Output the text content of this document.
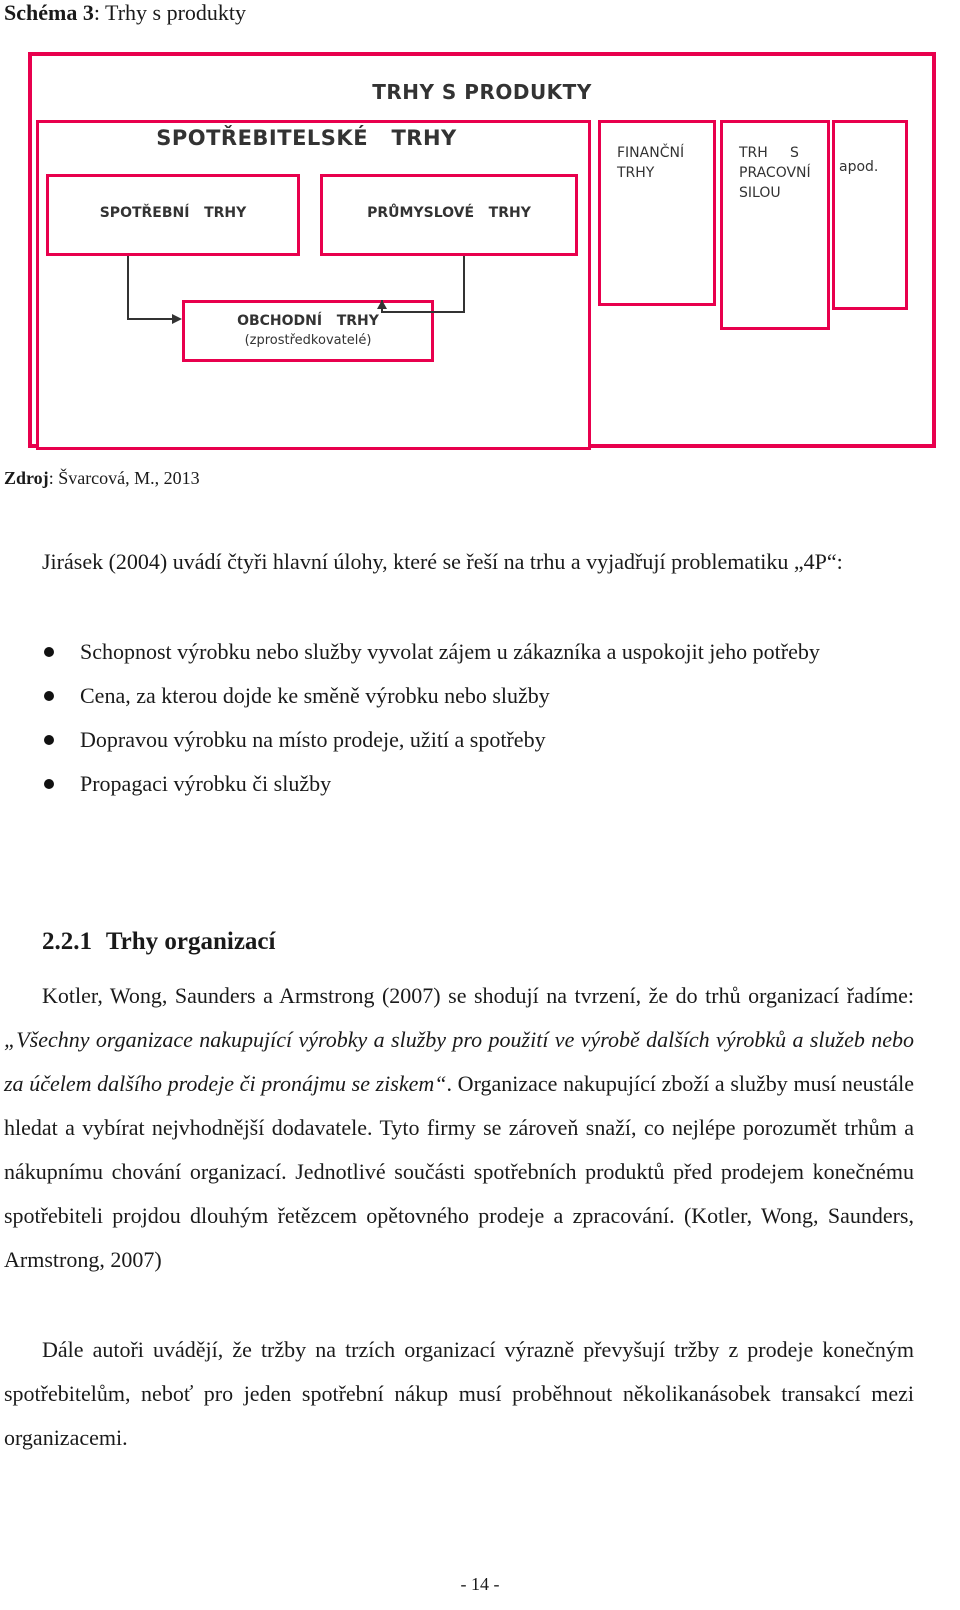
Schéma 3: Trhy s produkty
TRHY S PRODUKTY
SPOTŘEBITELSKÉ   TRHY
SPOTŘEBNÍ   TRHY	PRŮMYSLOVÉ   TRHY
OBCHODNÍ   TRHY
(zprostředkovatelé)
FINANČNÍ
TRHY
TRH     S
PRACOVNÍ
SILOU
apod.
Zdroj: Švarcová, M., 2013
Jirásek (2004) uvádí čtyři hlavní úlohy, které se řeší na trhu a vyjadřují problematiku „4P“:
Schopnost výrobku nebo služby vyvolat zájem u zákazníka a uspokojit jeho potřeby
Cena, za kterou dojde ke směně výrobku nebo služby
Dopravou výrobku na místo prodeje, užití a spotřeby
Propagaci výrobku či služby
2.2.1 Trhy organizací
Kotler, Wong, Saunders a Armstrong (2007) se shodují na tvrzení, že do trhů organizací řadíme: „Všechny organizace nakupující výrobky a služby pro použití ve výrobě dalších výrobků a služeb nebo za účelem dalšího prodeje či pronájmu se ziskem“. Organizace nakupující zboží a služby musí neustále hledat a vybírat nejvhodnější dodavatele. Tyto firmy se zároveň snaží, co nejlépe porozumět trhům a nákupnímu chování organizací. Jednotlivé součásti spotřebních produktů před prodejem konečnému spotřebiteli projdou dlouhým řetězcem opětovného prodeje a zpracování. (Kotler, Wong, Saunders, Armstrong, 2007)
Dále autoři uvádějí, že tržby na trzích organizací výrazně převyšují tržby z prodeje konečným spotřebitelům, neboť pro jeden spotřební nákup musí proběhnout několikanásobek transakcí mezi organizacemi.
- 14 -
